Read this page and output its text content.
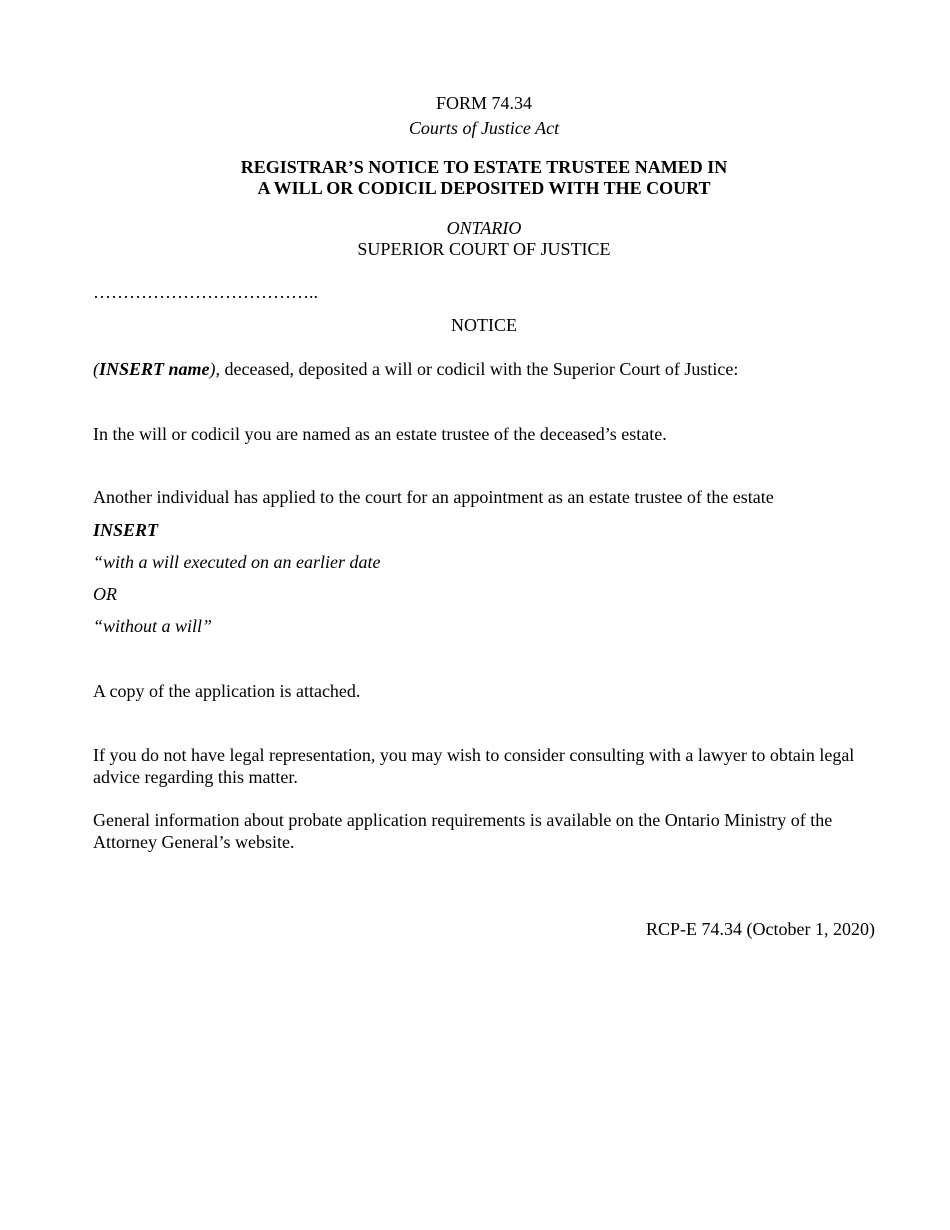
FORM 74.34
Courts of Justice Act
REGISTRAR’S NOTICE TO ESTATE TRUSTEE NAMED IN
A WILL OR CODICIL DEPOSITED WITH THE COURT
ONTARIO
SUPERIOR COURT OF JUSTICE
………………………………..
NOTICE
(INSERT name), deceased, deposited a will or codicil with the Superior Court of Justice:
In the will or codicil you are named as an estate trustee of the deceased’s estate.
Another individual has applied to the court for an appointment as an estate trustee of the estate
INSERT
“with a will executed on an earlier date
OR
“without a will”
A copy of the application is attached.
If you do not have legal representation, you may wish to consider consulting with a lawyer to obtain legal advice regarding this matter.
General information about probate application requirements is available on the Ontario Ministry of the Attorney General’s website.
RCP-E 74.34 (October 1, 2020)
